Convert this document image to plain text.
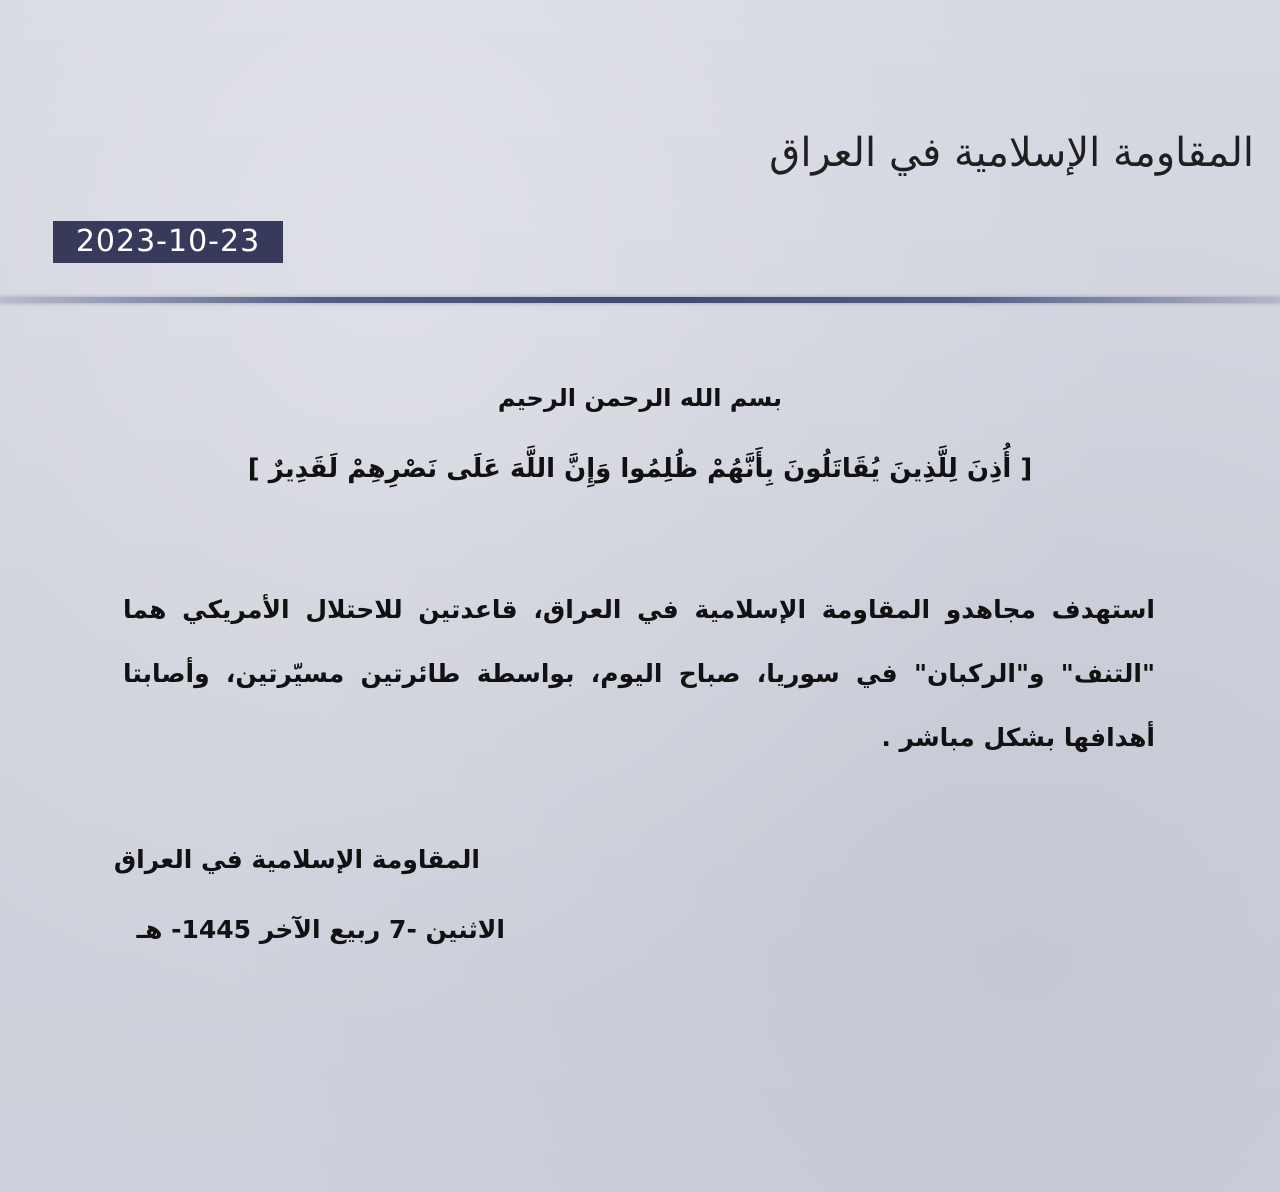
المقاومة الإسلامية في العراق
2023-10-23
بسم الله الرحمن الرحيم
[ أُذِنَ لِلَّذِينَ يُقَاتَلُونَ بِأَنَّهُمْ ظُلِمُوا وَإِنَّ اللَّهَ عَلَى نَصْرِهِمْ لَقَدِيرٌ ]
استهدف مجاهدو المقاومة الإسلامية في العراق، قاعدتين للاحتلال الأمريكي هما "التنف" و"الركبان" في سوريا، صباح اليوم، بواسطة طائرتين مسيّرتين، وأصابتا أهدافها بشكل مباشر .
المقاومة الإسلامية في العراق
الاثنين -7 ربيع الآخر 1445- هـ
